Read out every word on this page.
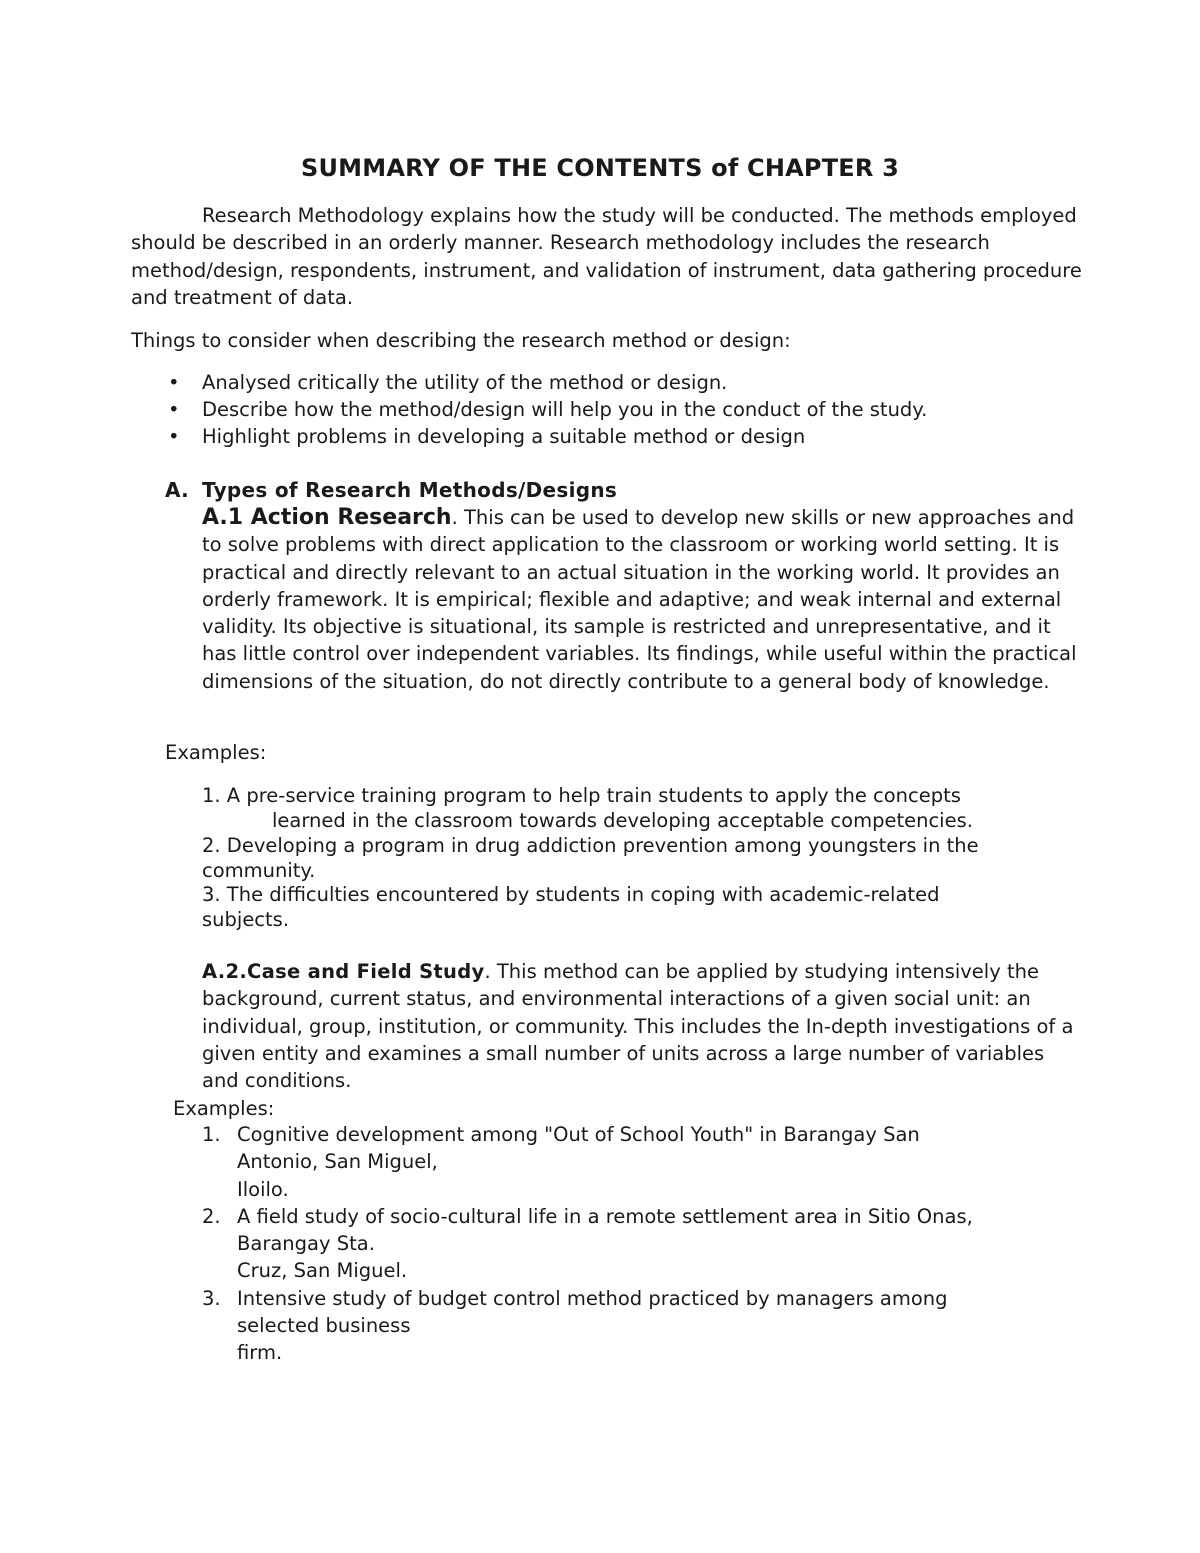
SUMMARY OF THE CONTENTS of CHAPTER 3

Research Methodology explains how the study will be conducted. The methods employed should be described in an orderly manner. Research methodology includes the research method/design, respondents, instrument, and validation of instrument, data gathering procedure and treatment of data.

Things to consider when describing the research method or design:

• Analysed critically the utility of the method or design.
• Describe how the method/design will help you in the conduct of the study.
• Highlight problems in developing a suitable method or design
A. Types of Research Methods/Designs
A.1 Action Research. This can be used to develop new skills or new approaches and to solve problems with direct application to the classroom or working world setting. It is practical and directly relevant to an actual situation in the working world. It provides an orderly framework. It is empirical; flexible and adaptive; and weak internal and external validity. Its objective is situational, its sample is restricted and unrepresentative, and it has little control over independent variables. Its findings, while useful within the practical dimensions of the situation, do not directly contribute to a general body of knowledge.
Examples:
1. A pre-service training program to help train students to apply the concepts
learned in the classroom towards developing acceptable competencies.
2. Developing a program in drug addiction prevention among youngsters in the
community.
3. The difficulties encountered by students in coping with academic-related
subjects.
A.2.Case and Field Study. This method can be applied by studying intensively the background, current status, and environmental interactions of a given social unit: an individual, group, institution, or community. This includes the In-depth investigations of a given entity and examines a small number of units across a large number of variables and conditions.
Examples:
1. Cognitive development among "Out of School Youth" in Barangay San
Antonio, San Miguel,
Iloilo.
2. A field study of socio-cultural life in a remote settlement area in Sitio Onas,
Barangay Sta.
Cruz, San Miguel.
3. Intensive study of budget control method practiced by managers among
selected business
firm.
